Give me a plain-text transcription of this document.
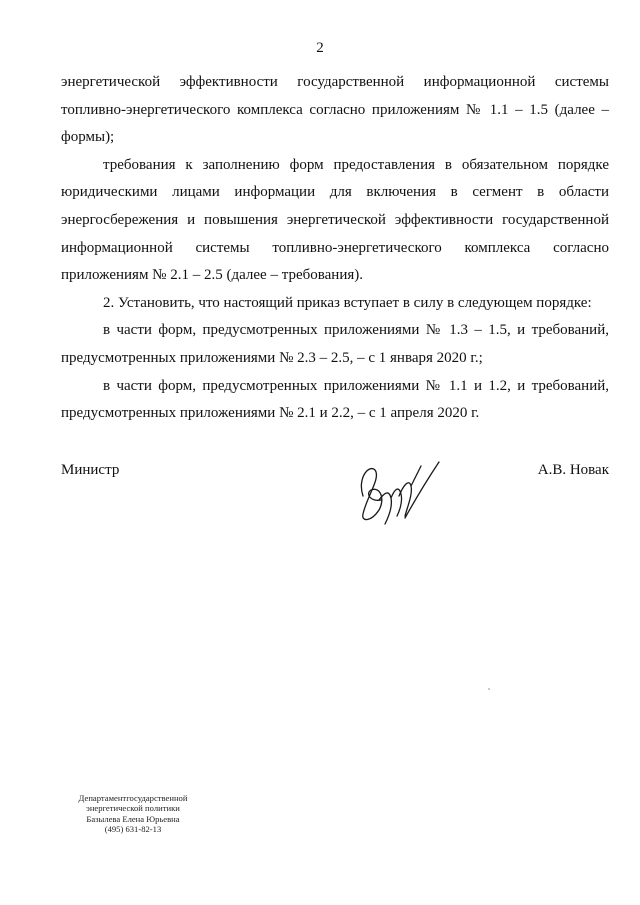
2

энергетической эффективности государственной информационной системы топливно-энергетического комплекса согласно приложениям № 1.1 – 1.5 (далее – формы);

требования к заполнению форм предоставления в обязательном порядке юридическими лицами информации для включения в сегмент в области энергосбережения и повышения энергетической эффективности государственной информационной системы топливно-энергетического комплекса согласно приложениям № 2.1 – 2.5 (далее – требования).

2. Установить, что настоящий приказ вступает в силу в следующем порядке:

в части форм, предусмотренных приложениями № 1.3 – 1.5, и требований, предусмотренных приложениями № 2.3 – 2.5, – с 1 января 2020 г.;

в части форм, предусмотренных приложениями № 1.1 и 1.2, и требований, предусмотренных приложениями № 2.1 и 2.2, – с 1 апреля 2020 г.

Министр	А.В. Новак
Департаментгосударственной
энергетической политики
Базылева Елена Юрьевна
(495) 631-82-13
